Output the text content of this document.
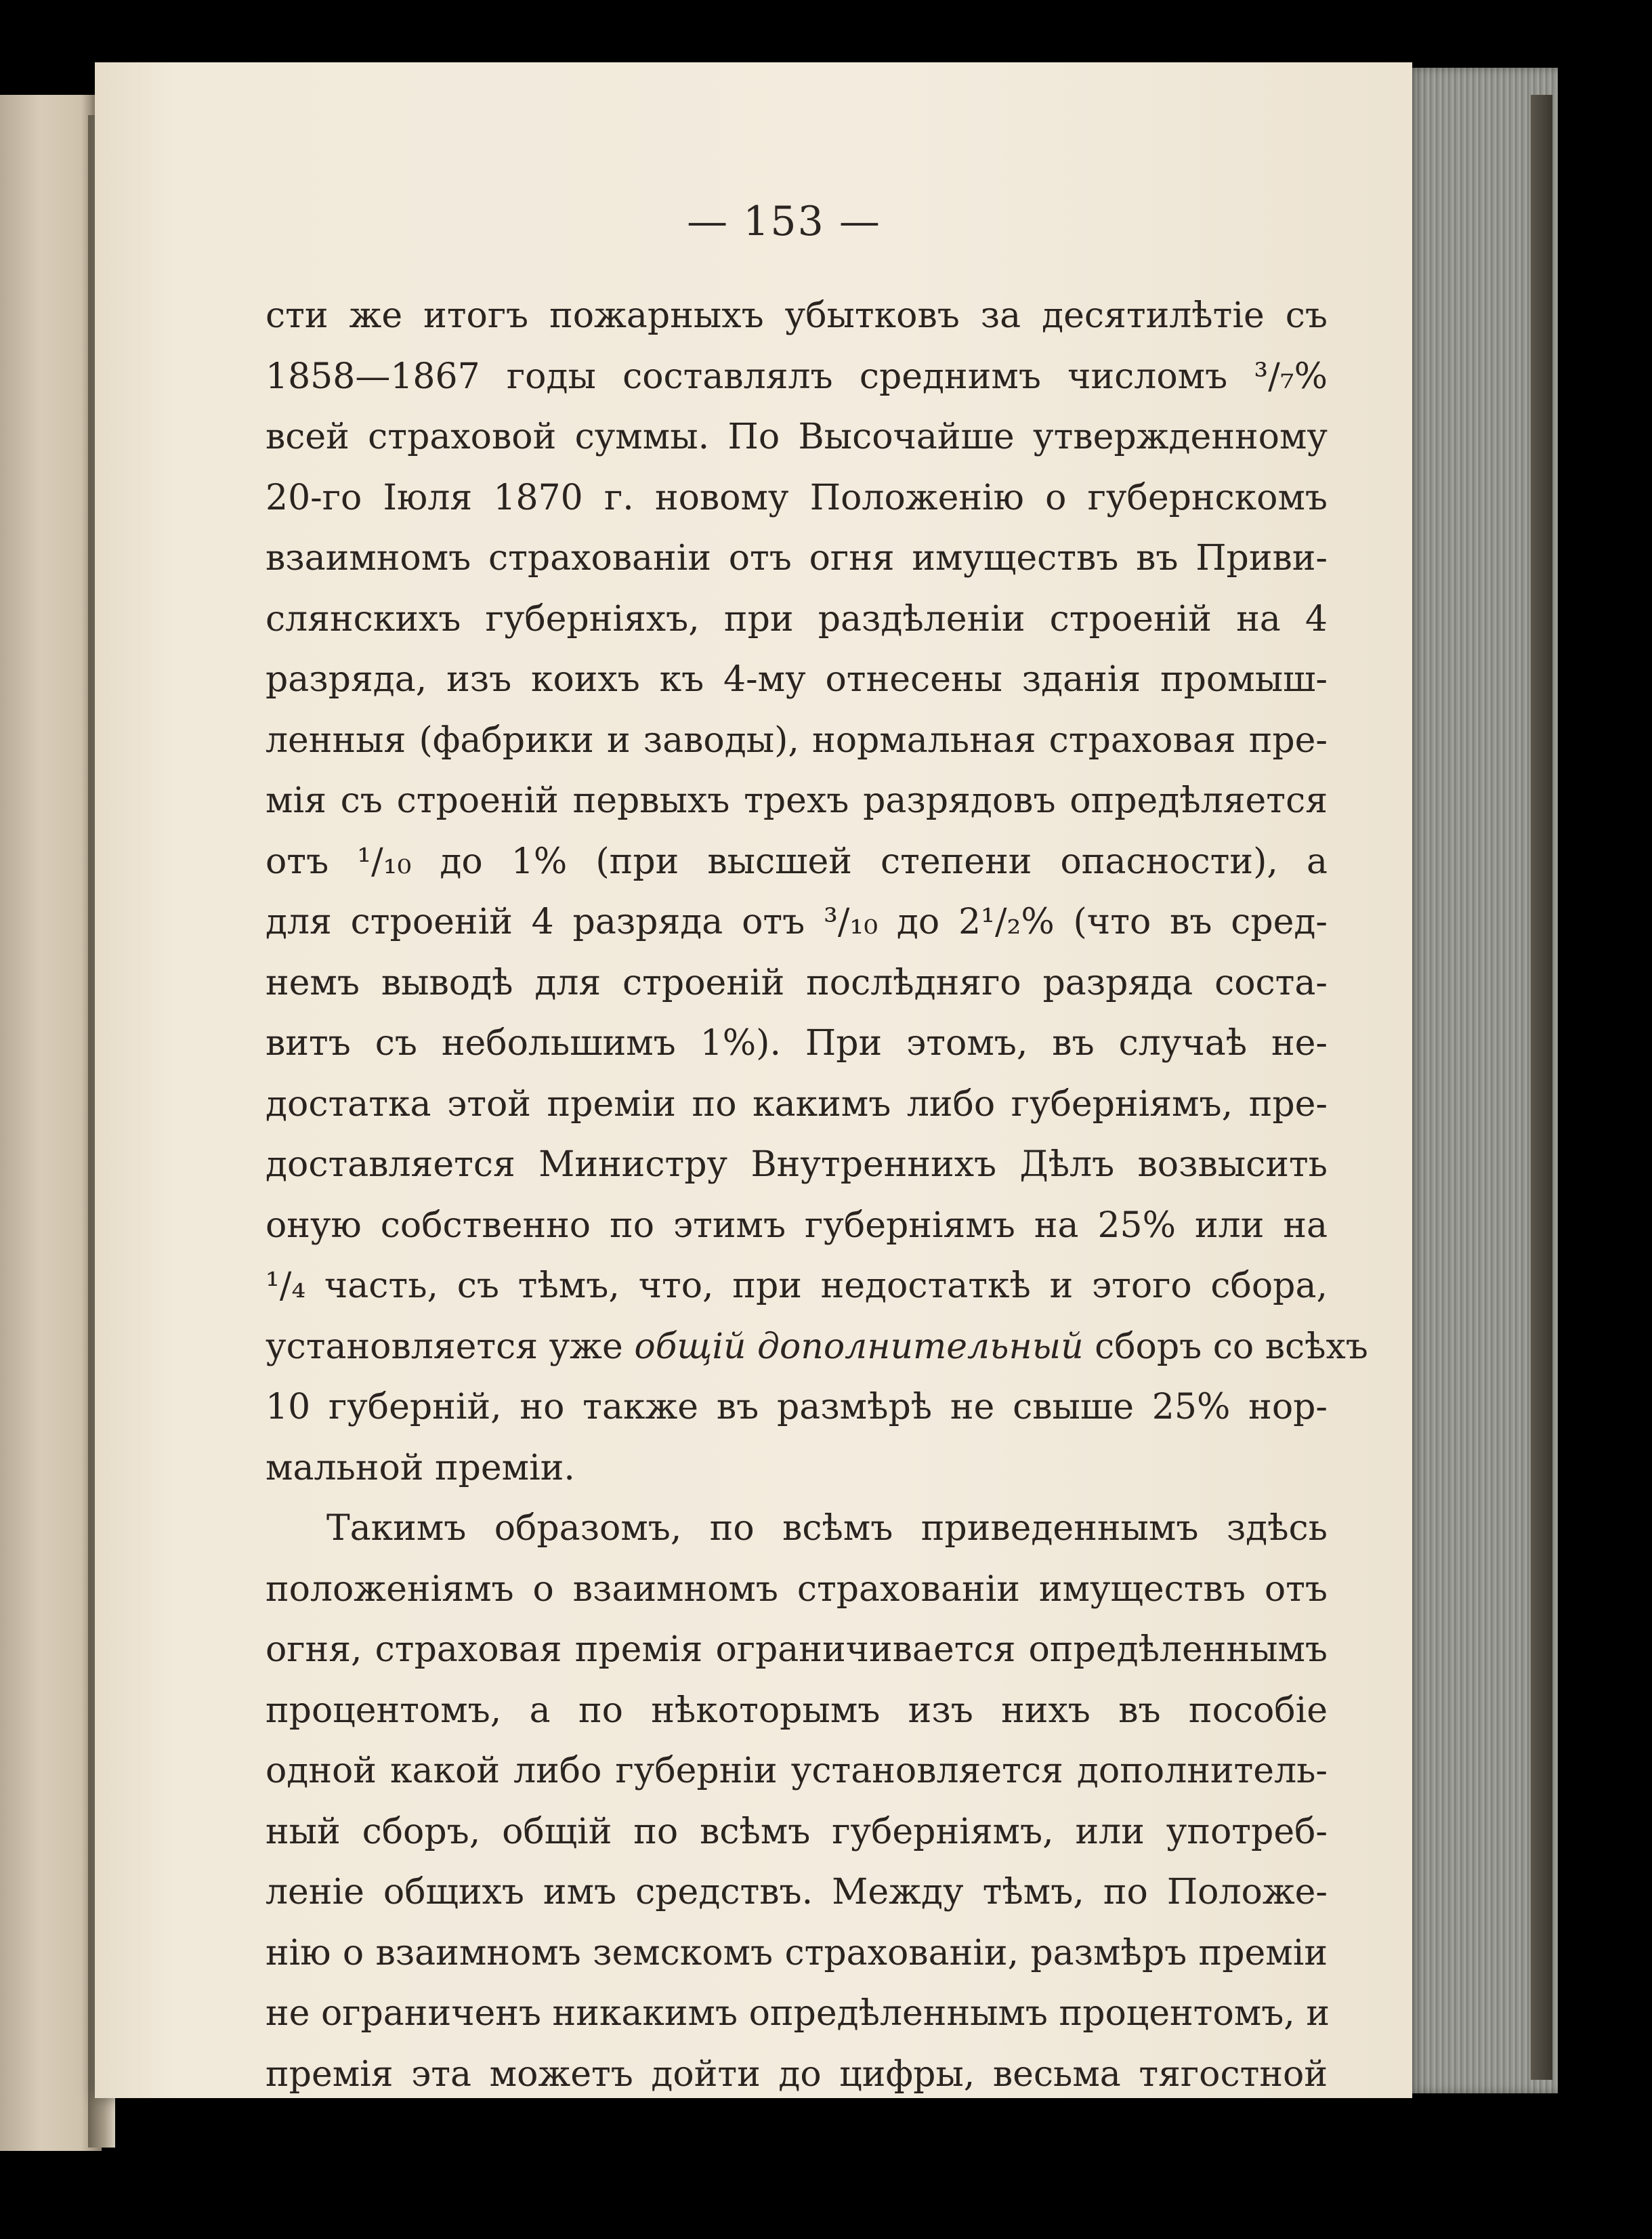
— 153 —
сти же итогъ пожарныхъ убытковъ за десятилѣтіе съ
1858—1867 годы составлялъ среднимъ числомъ ³/₇%
всей страховой суммы. По Высочайше утвержденному
20-го Іюля 1870 г. новому Положенію о губернскомъ
взаимномъ страхованіи отъ огня имуществъ въ Приви-
слянскихъ губерніяхъ, при раздѣленіи строеній на 4
разряда, изъ коихъ къ 4-му отнесены зданія промыш-
ленныя (фабрики и заводы), нормальная страховая пре-
мія съ строеній первыхъ трехъ разрядовъ опредѣляется
отъ ¹/₁₀ до 1% (при высшей степени опасности), а
для строеній 4 разряда отъ ³/₁₀ до 2¹/₂% (что въ сред-
немъ выводѣ для строеній послѣдняго разряда соста-
витъ съ небольшимъ 1%). При этомъ, въ случаѣ не-
достатка этой преміи по какимъ либо губерніямъ, пре-
доставляется Министру Внутреннихъ Дѣлъ возвысить
оную собственно по этимъ губерніямъ на 25% или на
¹/₄ часть, съ тѣмъ, что, при недостаткѣ и этого сбора,
установляется уже общій дополнительный сборъ со всѣхъ
10 губерній, но также въ размѣрѣ не свыше 25% нор-
мальной преміи.
Такимъ образомъ, по всѣмъ приведеннымъ здѣсь
положеніямъ о взаимномъ страхованіи имуществъ отъ
огня, страховая премія ограничивается опредѣленнымъ
процентомъ, а по нѣкоторымъ изъ нихъ въ пособіе
одной какой либо губерніи установляется дополнитель-
ный сборъ, общій по всѣмъ губерніямъ, или употреб-
леніе общихъ имъ средствъ. Между тѣмъ, по Положе-
нію о взаимномъ земскомъ страхованіи, размѣръ преміи
не ограниченъ никакимъ опредѣленнымъ процентомъ, и
премія эта можетъ дойти до цифры, весьма тягостной
